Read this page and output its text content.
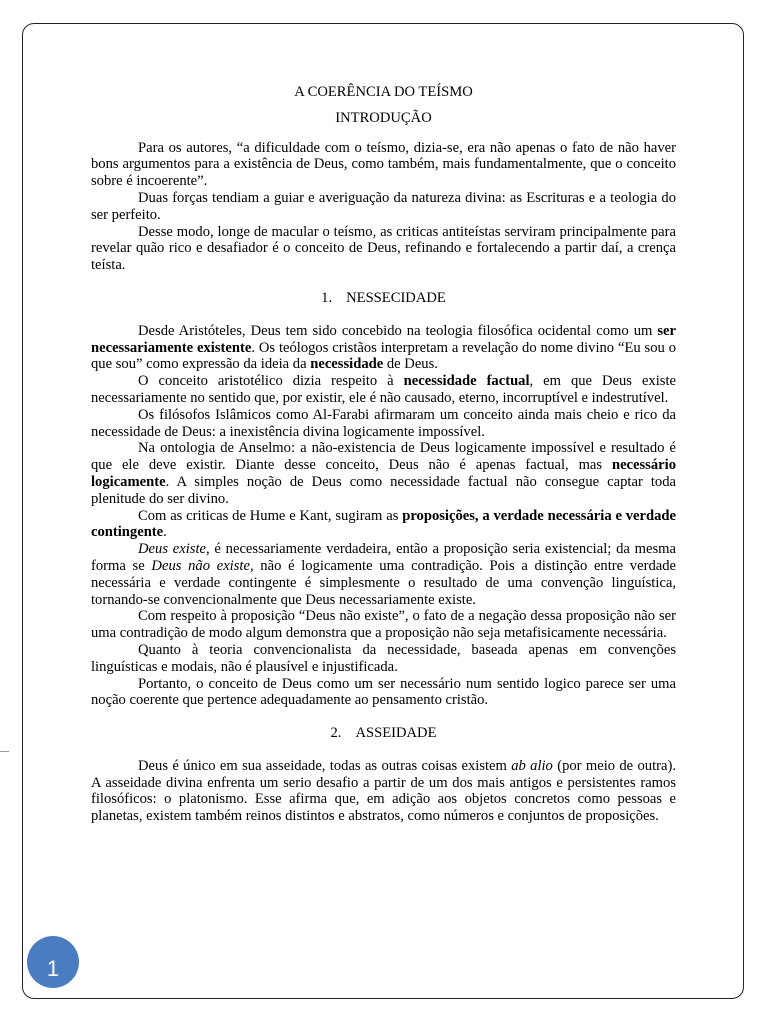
A COERÊNCIA DO TEÍSMO

INTRODUÇÃO

Para os autores, “a dificuldade com o teísmo, dizia-se, era não apenas o fato de não haver bons argumentos para a existência de Deus, como também, mais fundamentalmente, que o conceito sobre é incoerente”.

Duas forças tendiam a guiar e averiguação da natureza divina: as Escrituras e a teologia do ser perfeito.

Desse modo, longe de macular o teísmo, as criticas antiteístas serviram principalmente para revelar quão rico e desafiador é o conceito de Deus, refinando e fortalecendo a partir daí, a crença teísta.

1. NESSECIDADE

Desde Aristóteles, Deus tem sido concebido na teologia filosófica ocidental como um ser necessariamente existente. Os teólogos cristãos interpretam a revelação do nome divino “Eu sou o que sou” como expressão da ideia da necessidade de Deus.

O conceito aristotélico dizia respeito à necessidade factual, em que Deus existe necessariamente no sentido que, por existir, ele é não causado, eterno, incorruptível e indestrutível.

Os filósofos Islâmicos como Al-Farabi afirmaram um conceito ainda mais cheio e rico da necessidade de Deus: a inexistência divina logicamente impossível.

Na ontologia de Anselmo: a não-existencia de Deus logicamente impossível e resultado é que ele deve existir. Diante desse conceito, Deus não é apenas factual, mas necessário logicamente. A simples noção de Deus como necessidade factual não consegue captar toda plenitude do ser divino.

Com as criticas de Hume e Kant, sugiram as proposições, a verdade necessária e verdade contingente.

Deus existe, é necessariamente verdadeira, então a proposição seria existencial; da mesma forma se Deus não existe, não é logicamente uma contradição. Pois a distinção entre verdade necessária e verdade contingente é simplesmente o resultado de uma convenção linguística, tornando-se convencionalmente que Deus necessariamente existe.

Com respeito à proposição “Deus não existe”, o fato de a negação dessa proposição não ser uma contradição de modo algum demonstra que a proposição não seja metafisicamente necessária.

Quanto à teoria convencionalista da necessidade, baseada apenas em convenções linguísticas e modais, não é plausível e injustificada.

Portanto, o conceito de Deus como um ser necessário num sentido logico parece ser uma noção coerente que pertence adequadamente ao pensamento cristão.

2. ASSEIDADE

Deus é único em sua asseidade, todas as outras coisas existem ab alio (por meio de outra). A asseidade divina enfrenta um serio desafio a partir de um dos mais antigos e persistentes ramos filosóficos: o platonismo. Esse afirma que, em adição aos objetos concretos como pessoas e planetas, existem também reinos distintos e abstratos, como números e conjuntos de proposições.

1
